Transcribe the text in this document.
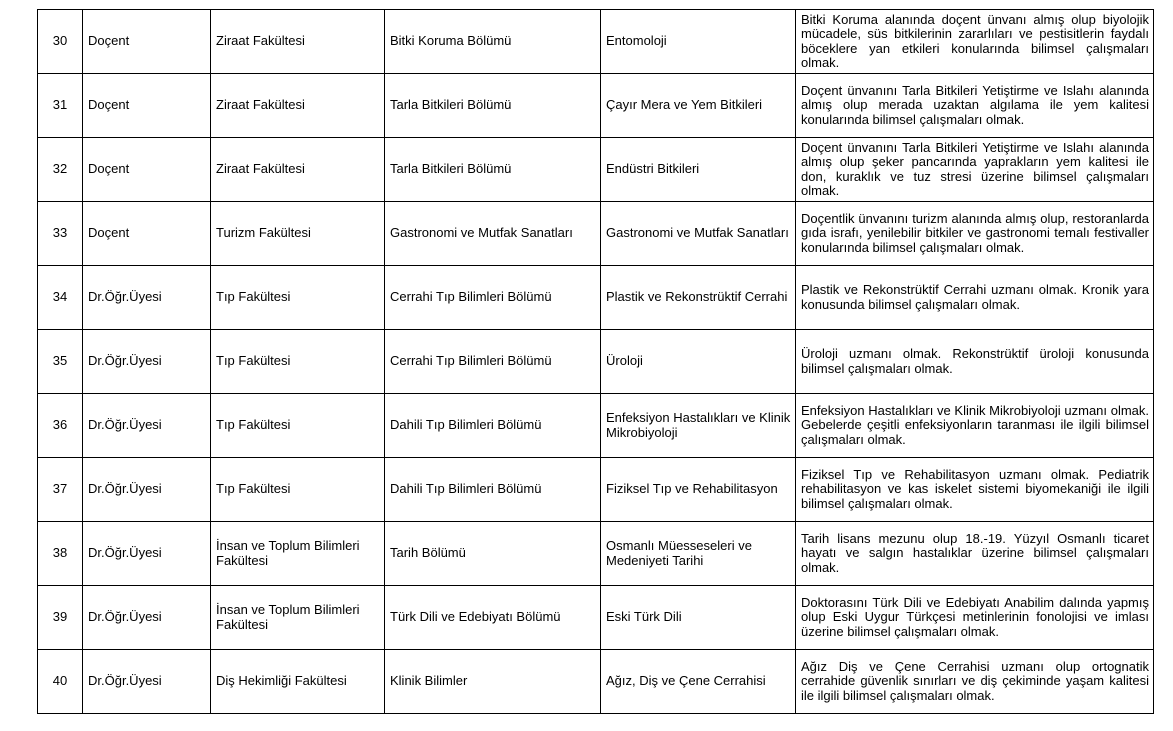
30	Doçent	Ziraat Fakültesi	Bitki Koruma Bölümü	Entomoloji	Bitki Koruma alanında doçent ünvanı almış olup biyolojik mücadele, süs bitkilerinin zararlıları ve pestisitlerin faydalı böceklere yan etkileri konularında bilimsel çalışmaları olmak.
31	Doçent	Ziraat Fakültesi	Tarla Bitkileri Bölümü	Çayır Mera ve Yem Bitkileri	Doçent ünvanını Tarla Bitkileri Yetiştirme ve Islahı alanında almış olup merada uzaktan algılama ile yem kalitesi konularında bilimsel çalışmaları olmak.
32	Doçent	Ziraat Fakültesi	Tarla Bitkileri Bölümü	Endüstri Bitkileri	Doçent ünvanını Tarla Bitkileri Yetiştirme ve Islahı alanında almış olup şeker pancarında yaprakların yem kalitesi ile don, kuraklık ve tuz stresi üzerine bilimsel çalışmaları olmak.
33	Doçent	Turizm Fakültesi	Gastronomi ve Mutfak Sanatları	Gastronomi ve Mutfak Sanatları	Doçentlik ünvanını turizm alanında almış olup, restoranlarda gıda israfı, yenilebilir bitkiler ve gastronomi temalı festivaller konularında bilimsel çalışmaları olmak.
34	Dr.Öğr.Üyesi	Tıp Fakültesi	Cerrahi Tıp Bilimleri Bölümü	Plastik ve Rekonstrüktif Cerrahi	Plastik ve Rekonstrüktif Cerrahi uzmanı olmak. Kronik yara konusunda bilimsel çalışmaları olmak.
35	Dr.Öğr.Üyesi	Tıp Fakültesi	Cerrahi Tıp Bilimleri Bölümü	Üroloji	Üroloji uzmanı olmak. Rekonstrüktif üroloji konusunda bilimsel çalışmaları olmak.
36	Dr.Öğr.Üyesi	Tıp Fakültesi	Dahili Tıp Bilimleri Bölümü	Enfeksiyon Hastalıkları ve Klinik Mikrobiyoloji	Enfeksiyon Hastalıkları ve Klinik Mikrobiyoloji uzmanı olmak. Gebelerde çeşitli enfeksiyonların taranması ile ilgili bilimsel çalışmaları olmak.
37	Dr.Öğr.Üyesi	Tıp Fakültesi	Dahili Tıp Bilimleri Bölümü	Fiziksel Tıp ve Rehabilitasyon	Fiziksel Tıp ve Rehabilitasyon uzmanı olmak. Pediatrik rehabilitasyon ve kas iskelet sistemi biyomekaniği ile ilgili bilimsel çalışmaları olmak.
38	Dr.Öğr.Üyesi	İnsan ve Toplum Bilimleri Fakültesi	Tarih Bölümü	Osmanlı Müesseseleri ve Medeniyeti Tarihi	Tarih lisans mezunu olup 18.-19. Yüzyıl Osmanlı ticaret hayatı ve salgın hastalıklar üzerine bilimsel çalışmaları olmak.
39	Dr.Öğr.Üyesi	İnsan ve Toplum Bilimleri Fakültesi	Türk Dili ve Edebiyatı Bölümü	Eski Türk Dili	Doktorasını Türk Dili ve Edebiyatı Anabilim dalında yapmış olup Eski Uygur Türkçesi metinlerinin fonolojisi ve imlası üzerine bilimsel çalışmaları olmak.
40	Dr.Öğr.Üyesi	Diş Hekimliği Fakültesi	Klinik Bilimler	Ağız, Diş ve Çene Cerrahisi	Ağız Diş ve Çene Cerrahisi uzmanı olup ortognatik cerrahide güvenlik sınırları ve diş çekiminde yaşam kalitesi ile ilgili bilimsel çalışmaları olmak.
